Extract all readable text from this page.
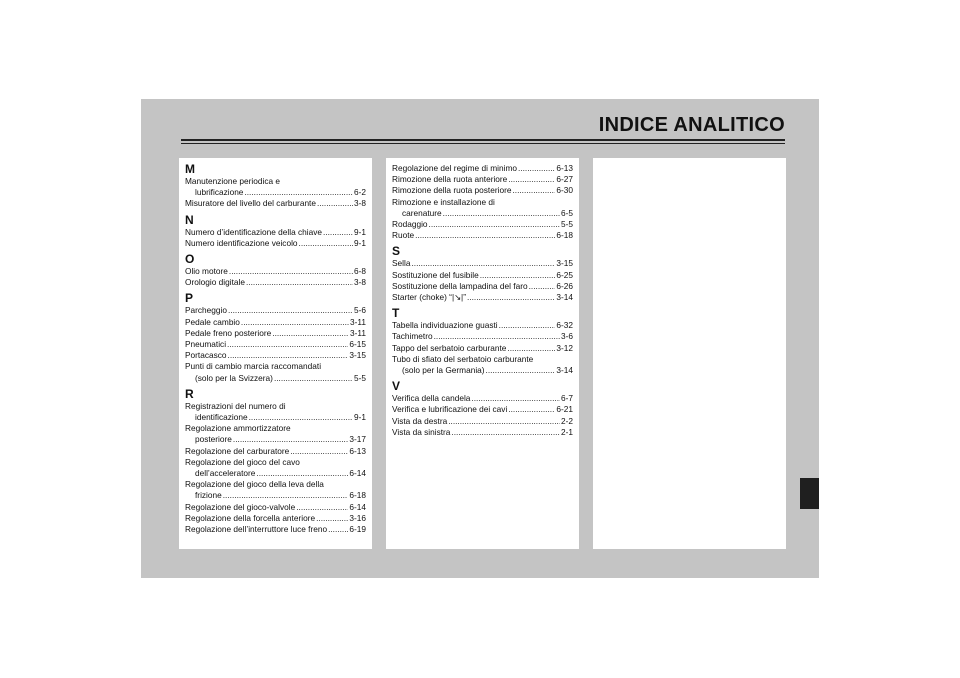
INDICE ANALITICO
M
Manutenzione periodica e
lubrificazione .....	6-2
Misuratore del livello del carburante .....	3-8
N
Numero d’identificazione della chiave .....	9-1
Numero identificazione veicolo .....	9-1
O
Olio motore .....	6-8
Orologio digitale .....	3-8
P
Parcheggio .....	5-6
Pedale cambio .....	3-11
Pedale freno posteriore .....	3-11
Pneumatici .....	6-15
Portacasco .....	3-15
Punti di cambio marcia raccomandati
(solo per la Svizzera) .....	5-5
R
Registrazioni del numero di
identificazione .....	9-1
Regolazione ammortizzatore
posteriore .....	3-17
Regolazione del carburatore .....	6-13
Regolazione del gioco del cavo
dell’acceleratore .....	6-14
Regolazione del gioco della leva della
frizione .....	6-18
Regolazione del gioco-valvole .....	6-14
Regolazione della forcella anteriore .....	3-16
Regolazione dell’interruttore luce freno .....	6-19
Regolazione del regime di minimo .....	6-13
Rimozione della ruota anteriore .....	6-27
Rimozione della ruota posteriore .....	6-30
Rimozione e installazione di
carenature .....	6-5
Rodaggio .....	5-5
Ruote .....	6-18
S
Sella .....	3-15
Sostituzione del fusibile .....	6-25
Sostituzione della lampadina del faro .....	6-26
Starter (choke) “|↘|” .....	3-14
T
Tabella individuazione guasti .....	6-32
Tachimetro .....	3-6
Tappo del serbatoio carburante .....	3-12
Tubo di sfiato del serbatoio carburante
(solo per la Germania) .....	3-14
V
Verifica della candela .....	6-7
Verifica e lubrificazione dei cavi .....	6-21
Vista da destra .....	2-2
Vista da sinistra .....	2-1
